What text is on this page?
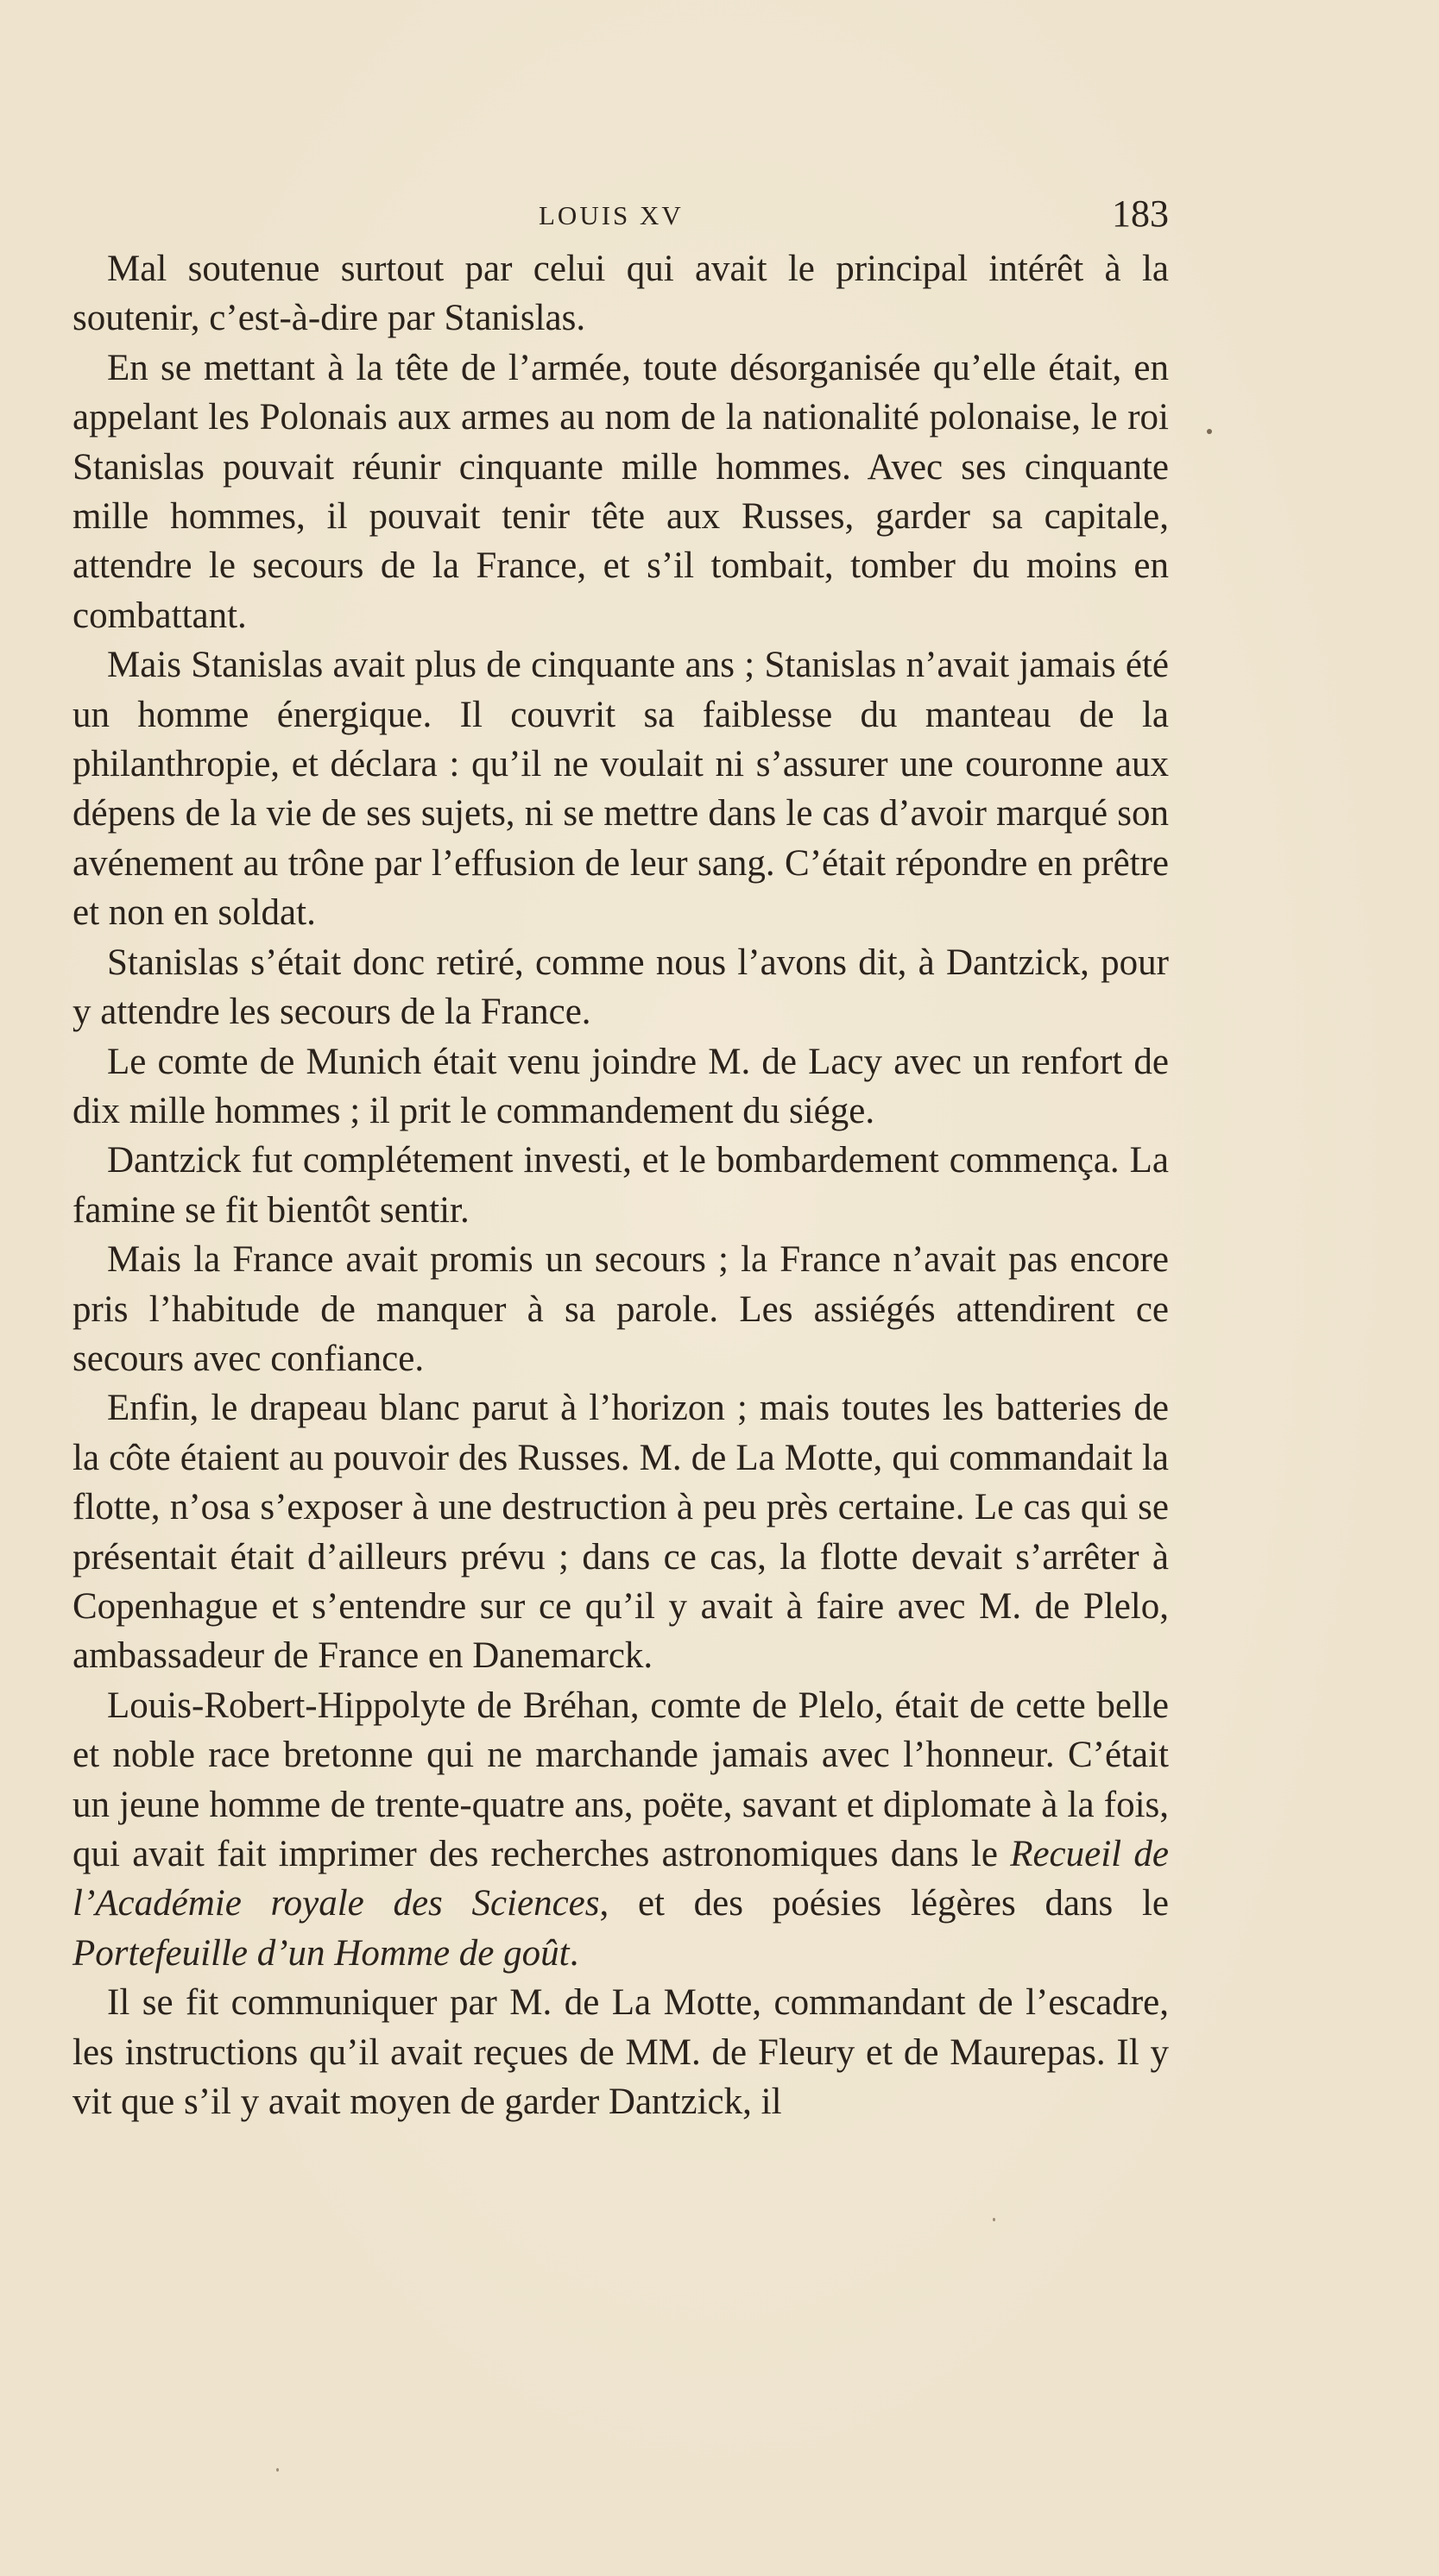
LOUIS XV	183

Mal soutenue surtout par celui qui avait le principal intérêt à la soutenir, c’est-à-dire par Stanislas.

En se mettant à la tête de l’armée, toute désorganisée qu’elle était, en appelant les Polonais aux armes au nom de la nationalité polonaise, le roi Stanislas pouvait réunir cinquante mille hommes. Avec ses cinquante mille hommes, il pouvait tenir tête aux Russes, garder sa capitale, attendre le secours de la France, et s’il tombait, tomber du moins en combattant.

Mais Stanislas avait plus de cinquante ans ; Stanislas n’avait jamais été un homme énergique. Il couvrit sa faiblesse du manteau de la philanthropie, et déclara : qu’il ne voulait ni s’assurer une couronne aux dépens de la vie de ses sujets, ni se mettre dans le cas d’avoir marqué son avénement au trône par l’effusion de leur sang. C’était répondre en prêtre et non en soldat.

Stanislas s’était donc retiré, comme nous l’avons dit, à Dantzick, pour y attendre les secours de la France.

Le comte de Munich était venu joindre M. de Lacy avec un renfort de dix mille hommes ; il prit le commandement du siége.

Dantzick fut complétement investi, et le bombardement commença. La famine se fit bientôt sentir.

Mais la France avait promis un secours ; la France n’avait pas encore pris l’habitude de manquer à sa parole. Les assiégés attendirent ce secours avec confiance.

Enfin, le drapeau blanc parut à l’horizon ; mais toutes les batteries de la côte étaient au pouvoir des Russes. M. de La Motte, qui commandait la flotte, n’osa s’exposer à une destruction à peu près certaine. Le cas qui se présentait était d’ailleurs prévu ; dans ce cas, la flotte devait s’arrêter à Copenhague et s’entendre sur ce qu’il y avait à faire avec M. de Plelo, ambassadeur de France en Danemarck.

Louis-Robert-Hippolyte de Bréhan, comte de Plelo, était de cette belle et noble race bretonne qui ne marchande jamais avec l’honneur. C’était un jeune homme de trente-quatre ans, poëte, savant et diplomate à la fois, qui avait fait imprimer des recherches astronomiques dans le Recueil de l’Académie royale des Sciences, et des poésies légères dans le Portefeuille d’un Homme de goût.

Il se fit communiquer par M. de La Motte, commandant de l’escadre, les instructions qu’il avait reçues de MM. de Fleury et de Maurepas. Il y vit que s’il y avait moyen de garder Dantzick, il
